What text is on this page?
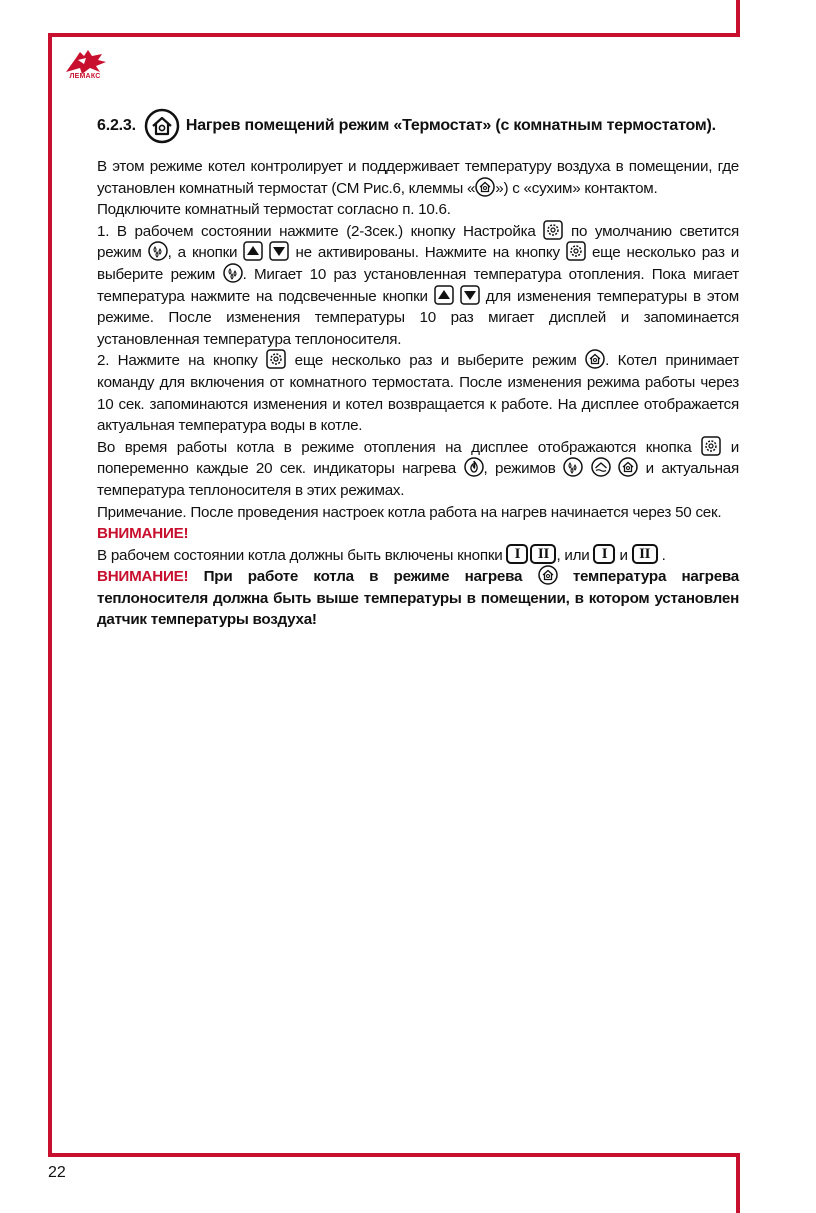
ЛЕМАКС
6.2.3.	Нагрев помещений режим «Термостат» (с комнатным термостатом).

В этом режиме котел контролирует и поддерживает температуру воздуха в помещении, где установлен комнатный термостат (СМ Рис.6, клеммы « ») с «сухим» контактом.

Подключите комнатный термостат согласно п. 10.6.

1. В рабочем состоянии нажмите (2-3сек.) кнопку Настройка по умолчанию светится режим , а кнопки
	не активированы. Нажмите на кнопку еще несколько раз и выберите режим . Мигает 10 раз установленная температура отопления. Пока мигает температура нажмите на подсвеченные кнопки
	для изменения температуры в этом режиме. После изменения температуры 10 раз мигает дисплей и запоминается установленная температура теплоносителя.

2. Нажмите на кнопку еще несколько раз и выберите режим . Котел принимает команду для включения от комнатного термостата. После изменения режима работы через 10 сек. запоминаются изменения и котел возвращается к работе. На дисплее отображается актуальная температура воды в котле.

Во время работы котла в режиме отопления на дисплее отображаются кнопка	и попеременно каждые 20 сек. индикаторы нагрева , режимов

	и актуальная температура теплоносителя в этих режимах.

Примечание. После проведения настроек котла работа на нагрев начинается через 50 сек.

ВНИМАНИЕ!

В рабочем состоянии котла должны быть включены кнопки I II , или I и II .

ВНИМАНИЕ! При работе котла в режиме нагрева	температура нагрева теплоносителя должна быть выше температуры в помещении, в котором установлен датчик температуры воздуха!

22
